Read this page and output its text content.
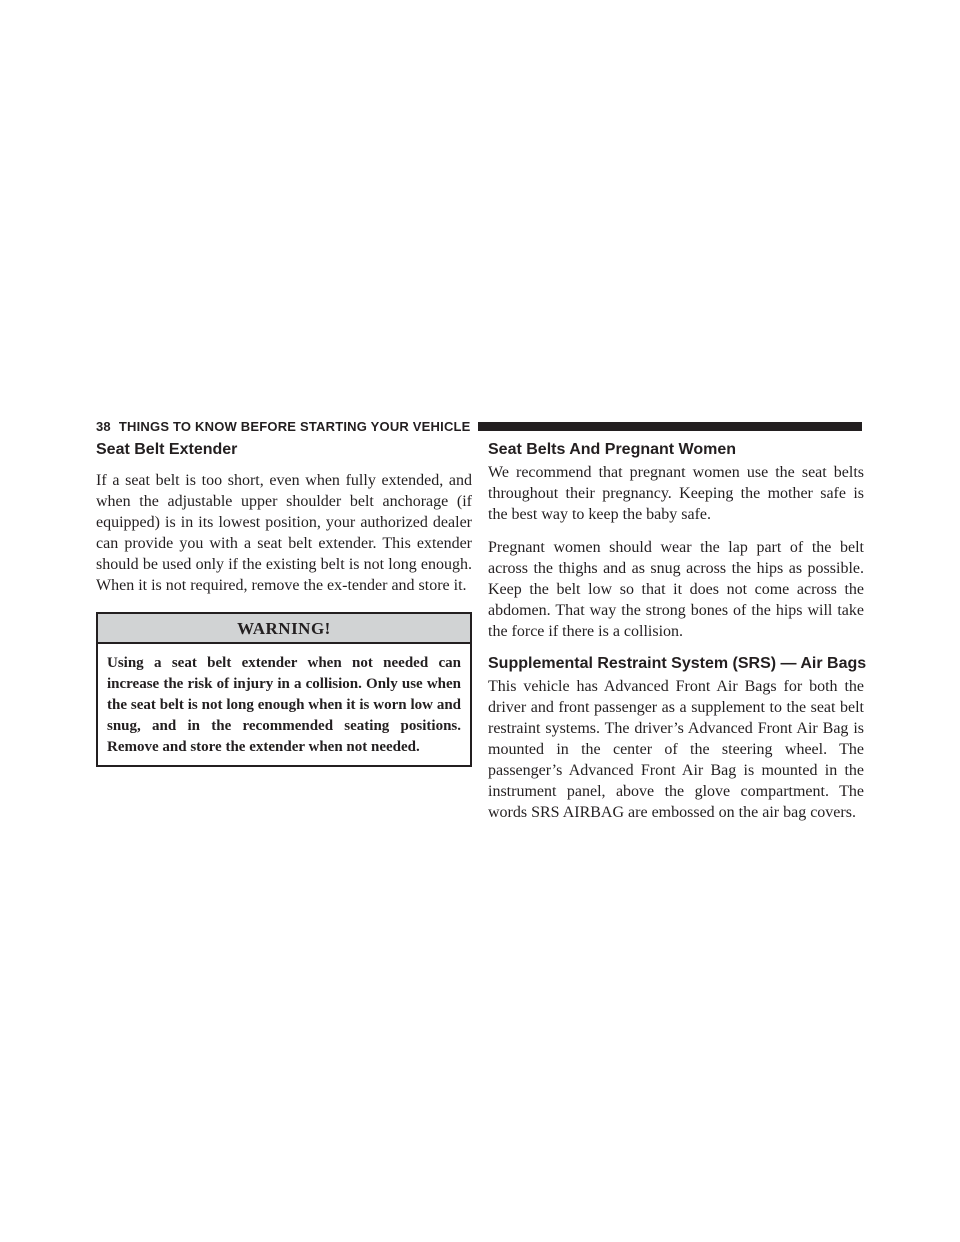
38 THINGS TO KNOW BEFORE STARTING YOUR VEHICLE
Seat Belt Extender

If a seat belt is too short, even when fully extended, and when the adjustable upper shoulder belt anchorage (if equipped) is in its lowest position, your authorized dealer can provide you with a seat belt extender. This extender should be used only if the existing belt is not long enough. When it is not required, remove the ex-tender and store it.

WARNING!

Using a seat belt extender when not needed can increase the risk of injury in a collision. Only use when the seat belt is not long enough when it is worn low and snug, and in the recommended seating positions. Remove and store the extender when not needed.

Seat Belts And Pregnant Women

We recommend that pregnant women use the seat belts throughout their pregnancy. Keeping the mother safe is the best way to keep the baby safe.

Pregnant women should wear the lap part of the belt across the thighs and as snug across the hips as possible. Keep the belt low so that it does not come across the abdomen. That way the strong bones of the hips will take the force if there is a collision.

Supplemental Restraint System (SRS) — Air Bags

This vehicle has Advanced Front Air Bags for both the driver and front passenger as a supplement to the seat belt restraint systems. The driver’s Advanced Front Air Bag is mounted in the center of the steering wheel. The passenger’s Advanced Front Air Bag is mounted in the instrument panel, above the glove compartment. The words SRS AIRBAG are embossed on the air bag covers.
